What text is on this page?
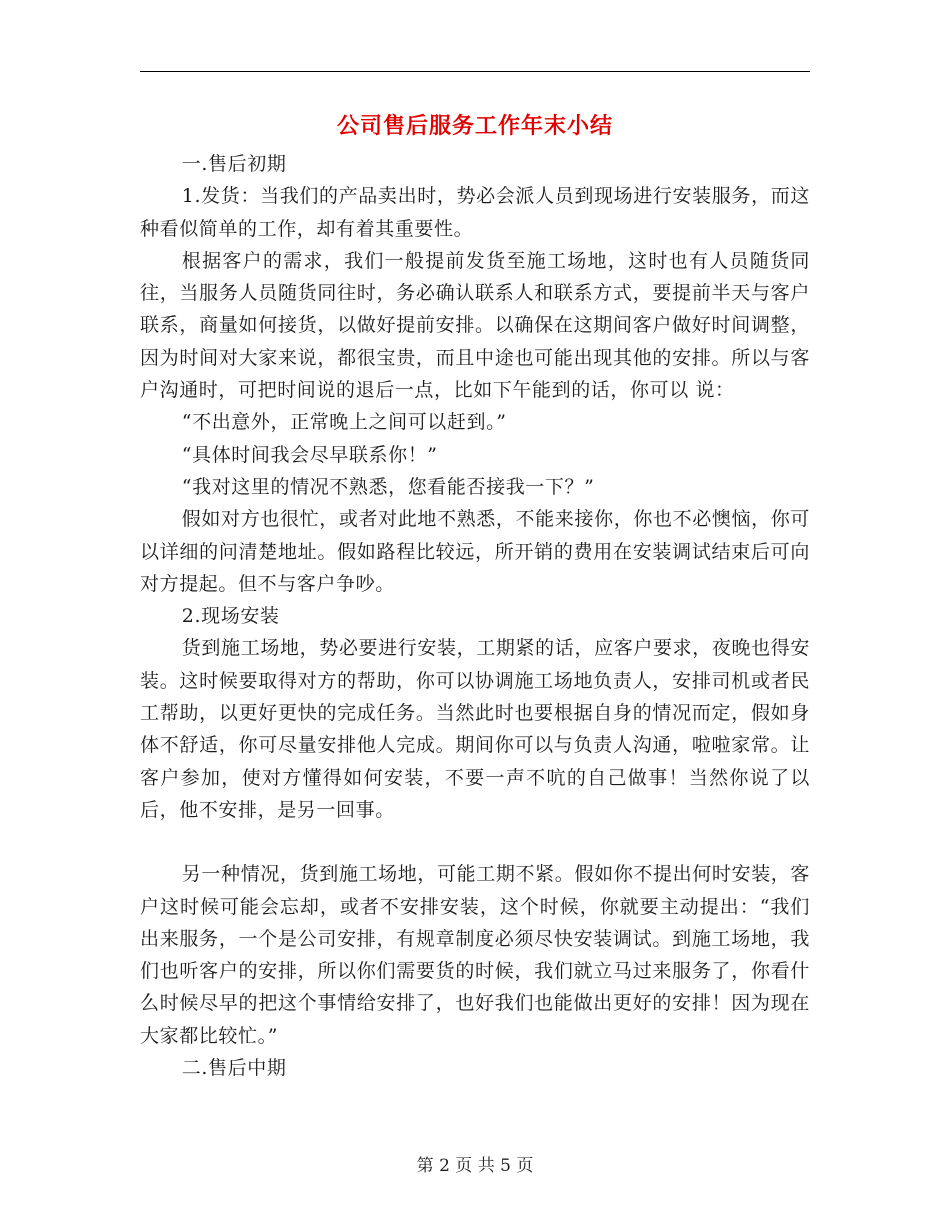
公司售后服务工作年末小结

一.售后初期

1.发货：当我们的产品卖出时，势必会派人员到现场进行安装服务，而这种看似简单的工作，却有着其重要性。

根据客户的需求，我们一般提前发货至施工场地，这时也有人员随货同往，当服务人员随货同往时，务必确认联系人和联系方式，要提前半天与客户联系，商量如何接货，以做好提前安排。以确保在这期间客户做好时间调整，因为时间对大家来说，都很宝贵，而且中途也可能出现其他的安排。所以与客户沟通时，可把时间说的退后一点，比如下午能到的话，你可以 说：

“不出意外，正常晚上之间可以赶到。”

“具体时间我会尽早联系你！”

“我对这里的情况不熟悉，您看能否接我一下？”

假如对方也很忙，或者对此地不熟悉，不能来接你，你也不必懊恼，你可以详细的问清楚地址。假如路程比较远，所开销的费用在安装调试结束后可向对方提起。但不与客户争吵。

2.现场安装

货到施工场地，势必要进行安装，工期紧的话，应客户要求，夜晚也得安装。这时候要取得对方的帮助，你可以协调施工场地负责人，安排司机或者民工帮助，以更好更快的完成任务。当然此时也要根据自身的情况而定，假如身体不舒适，你可尽量安排他人完成。期间你可以与负责人沟通，啦啦家常。让客户参加，使对方懂得如何安装，不要一声不吭的自己做事！当然你说了以后，他不安排，是另一回事。

另一种情况，货到施工场地，可能工期不紧。假如你不提出何时安装，客户这时候可能会忘却，或者不安排安装，这个时候，你就要主动提出：“我们出来服务，一个是公司安排，有规章制度必须尽快安装调试。到施工场地，我们也听客户的安排，所以你们需要货的时候，我们就立马过来服务了，你看什么时候尽早的把这个事情给安排了，也好我们也能做出更好的安排！因为现在大家都比较忙。”

二.售后中期

第 2 页 共 5 页
